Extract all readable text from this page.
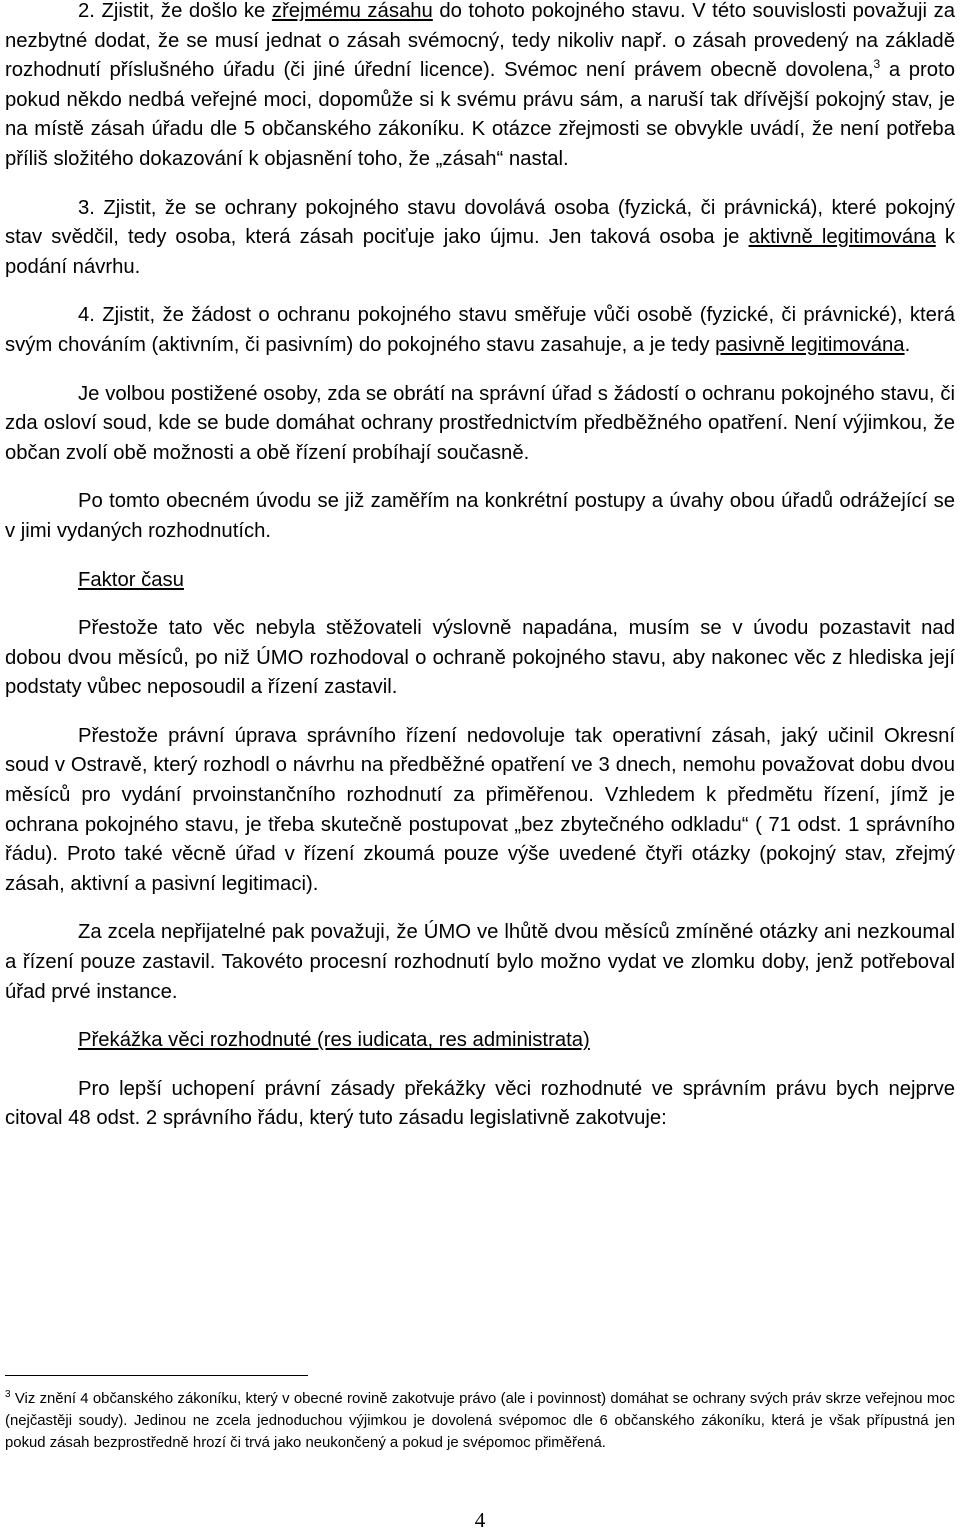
2. Zjistit, že došlo ke zřejmému zásahu do tohoto pokojného stavu. V této souvislosti považuji za nezbytné dodat, že se musí jednat o zásah svémocný, tedy nikoliv např. o zásah provedený na základě rozhodnutí příslušného úřadu (či jiné úřední licence). Svémoc není právem obecně dovolena,$^3$ a proto pokud někdo nedbá veřejné moci, dopomůže si k svému právu sám, a naruší tak dřívější pokojný stav, je na místě zásah úřadu dle 5 občanského zákoníku. K otázce zřejmosti se obvykle uvádí, že není potřeba příliš složitého dokazování k objasnění toho, že „zásah“ nastal.

3. Zjistit, že se ochrany pokojného stavu dovolává osoba (fyzická, či právnická), které pokojný stav svědčil, tedy osoba, která zásah pociťuje jako újmu. Jen taková osoba je aktivně legitimována k podání návrhu.

4. Zjistit, že žádost o ochranu pokojného stavu směřuje vůči osobě (fyzické, či právnické), která svým chováním (aktivním, či pasivním) do pokojného stavu zasahuje, a je tedy pasivně legitimována.

Je volbou postižené osoby, zda se obrátí na správní úřad s žádostí o ochranu pokojného stavu, či zda osloví soud, kde se bude domáhat ochrany prostřednictvím předběžného opatření. Není výjimkou, že občan zvolí obě možnosti a obě řízení probíhají současně.

Po tomto obecném úvodu se již zaměřím na konkrétní postupy a úvahy obou úřadů odrážející se v jimi vydaných rozhodnutích.

Faktor času

Přestože tato věc nebyla stěžovateli výslovně napadána, musím se v úvodu pozastavit nad dobou dvou měsíců, po niž ÚMO rozhodoval o ochraně pokojného stavu, aby nakonec věc z hlediska její podstaty vůbec neposoudil a řízení zastavil.

Přestože právní úprava správního řízení nedovoluje tak operativní zásah, jaký učinil Okresní soud v Ostravě, který rozhodl o návrhu na předběžné opatření ve 3 dnech, nemohu považovat dobu dvou měsíců pro vydání prvoinstančního rozhodnutí za přiměřenou. Vzhledem k předmětu řízení, jímž je ochrana pokojného stavu, je třeba skutečně postupovat „bez zbytečného odkladu“ ( 71 odst. 1 správního řádu). Proto také věcně úřad v řízení zkoumá pouze výše uvedené čtyři otázky (pokojný stav, zřejmý zásah, aktivní a pasivní legitimaci).

Za zcela nepřijatelné pak považuji, že ÚMO ve lhůtě dvou měsíců zmíněné otázky ani nezkoumal a řízení pouze zastavil. Takovéto procesní rozhodnutí bylo možno vydat ve zlomku doby, jenž potřeboval úřad prvé instance.

Překážka věci rozhodnuté (res iudicata, res administrata)

Pro lepší uchopení právní zásady překážky věci rozhodnuté ve správním právu bych nejprve citoval 48 odst. 2 správního řádu, který tuto zásadu legislativně zakotvuje:

$^3$ Viz znění 4 občanského zákoníku, který v obecné rovině zakotvuje právo (ale i povinnost) domáhat se ochrany svých práv skrze veřejnou moc (nejčastěji soudy). Jedinou ne zcela jednoduchou výjimkou je dovolená svépomoc dle 6 občanského zákoníku, která je však přípustná jen pokud zásah bezprostředně hrozí či trvá jako neukončený a pokud je svépomoc přiměřená.

4
